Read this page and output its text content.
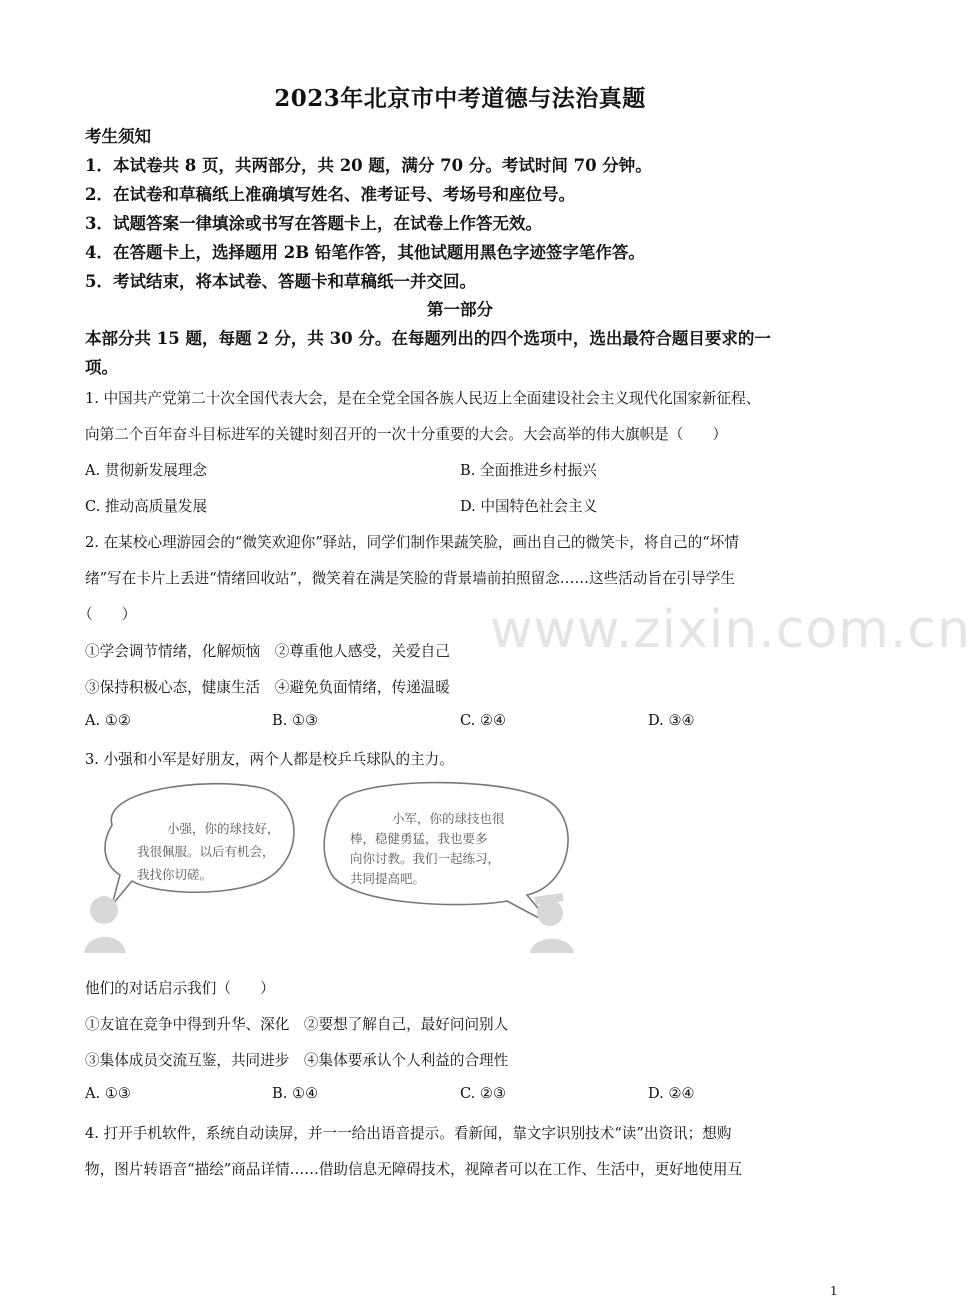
2023年北京市中考道德与法治真题
考生须知
1．本试卷共 8 页，共两部分，共 20 题，满分 70 分。考试时间 70 分钟。
2．在试卷和草稿纸上准确填写姓名、准考证号、考场号和座位号。
3．试题答案一律填涂或书写在答题卡上，在试卷上作答无效。
4．在答题卡上，选择题用 2B 铅笔作答，其他试题用黑色字迹签字笔作答。
5．考试结束，将本试卷、答题卡和草稿纸一并交回。
第一部分
本部分共 15 题，每题 2 分，共 30 分。在每题列出的四个选项中，选出最符合题目要求的一
项。
1. 中国共产党第二十次全国代表大会，是在全党全国各族人民迈上全面建设社会主义现代化国家新征程、
向第二个百年奋斗目标进军的关键时刻召开的一次十分重要的大会。大会高举的伟大旗帜是（　　）
A. 贯彻新发展理念	B. 全面推进乡村振兴
C. 推动高质量发展	D. 中国特色社会主义
2. 在某校心理游园会的“微笑欢迎你”驿站，同学们制作果蔬笑脸，画出自己的微笑卡，将自己的“坏情
绪”写在卡片上丢进“情绪回收站”，微笑着在满是笑脸的背景墙前拍照留念……这些活动旨在引导学生
（　　）
①学会调节情绪，化解烦恼　②尊重他人感受，关爱自己
③保持积极心态，健康生活　④避免负面情绪，传递温暖
A. ①②	B. ①③	C. ②④	D. ③④
3. 小强和小军是好朋友，两个人都是校乒乓球队的主力。
小强，你的球技好，
我很佩服。以后有机会，
我找你切磋。
小军，你的球技也很
棒，稳健勇猛，我也要多
向你讨教。我们一起练习，
共同提高吧。
他们的对话启示我们（　　）
①友谊在竞争中得到升华、深化　②要想了解自己，最好问问别人
③集体成员交流互鉴，共同进步　④集体要承认个人利益的合理性
A. ①③	B. ①④	C. ②③	D. ②④
4. 打开手机软件，系统自动读屏，并一一给出语音提示。看新闻，靠文字识别技术“读”出资讯；想购
物，图片转语音“描绘”商品详情……借助信息无障碍技术，视障者可以在工作、生活中，更好地使用互
www.zixin.com.cn
1
